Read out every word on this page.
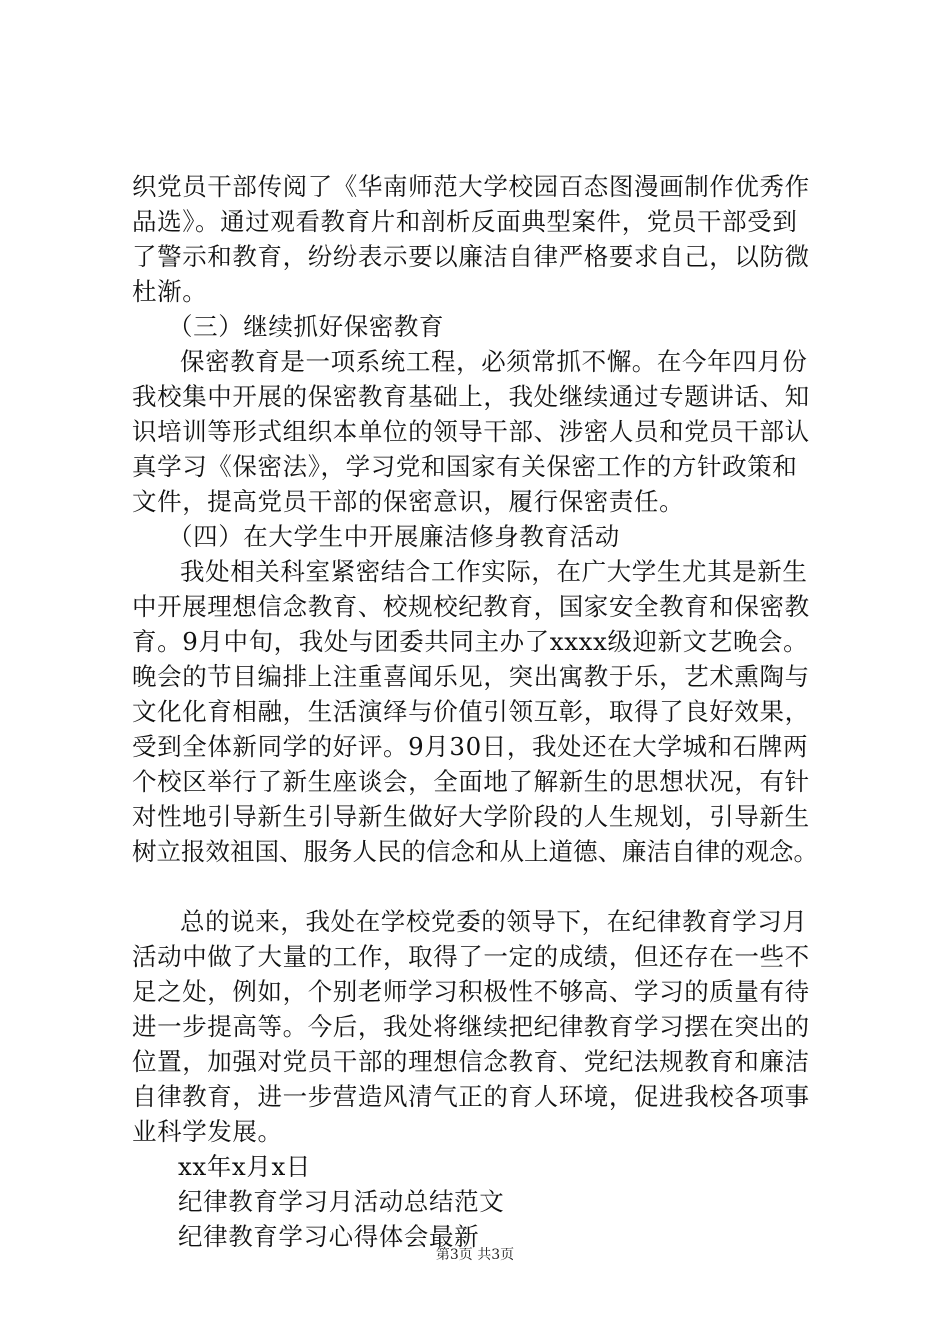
织党员干部传阅了《华南师范大学校园百态图漫画制作优秀作
品选》。通过观看教育片和剖析反面典型案件，党员干部受到
了警示和教育，纷纷表示要以廉洁自律严格要求自己，以防微
杜渐。
（三）继续抓好保密教育
保密教育是一项系统工程，必须常抓不懈。在今年四月份
我校集中开展的保密教育基础上，我处继续通过专题讲话、知
识培训等形式组织本单位的领导干部、涉密人员和党员干部认
真学习《保密法》，学习党和国家有关保密工作的方针政策和
文件，提高党员干部的保密意识，履行保密责任。
（四）在大学生中开展廉洁修身教育活动
我处相关科室紧密结合工作实际，在广大学生尤其是新生
中开展理想信念教育、校规校纪教育，国家安全教育和保密教
育。9月中旬，我处与团委共同主办了xxxx级迎新文艺晚会。
晚会的节目编排上注重喜闻乐见，突出寓教于乐，艺术熏陶与
文化化育相融，生活演绎与价值引领互彰，取得了良好效果，
受到全体新同学的好评。9月30日，我处还在大学城和石牌两
个校区举行了新生座谈会，全面地了解新生的思想状况，有针
对性地引导新生引导新生做好大学阶段的人生规划，引导新生
树立报效祖国、服务人民的信念和从上道德、廉洁自律的观念。
总的说来，我处在学校党委的领导下，在纪律教育学习月
活动中做了大量的工作，取得了一定的成绩，但还存在一些不
足之处，例如，个别老师学习积极性不够高、学习的质量有待
进一步提高等。今后，我处将继续把纪律教育学习摆在突出的
位置，加强对党员干部的理想信念教育、党纪法规教育和廉洁
自律教育，进一步营造风清气正的育人环境，促进我校各项事
业科学发展。
xx年x月x日
纪律教育学习月活动总结范文
纪律教育学习心得体会最新
第3页 共3页
